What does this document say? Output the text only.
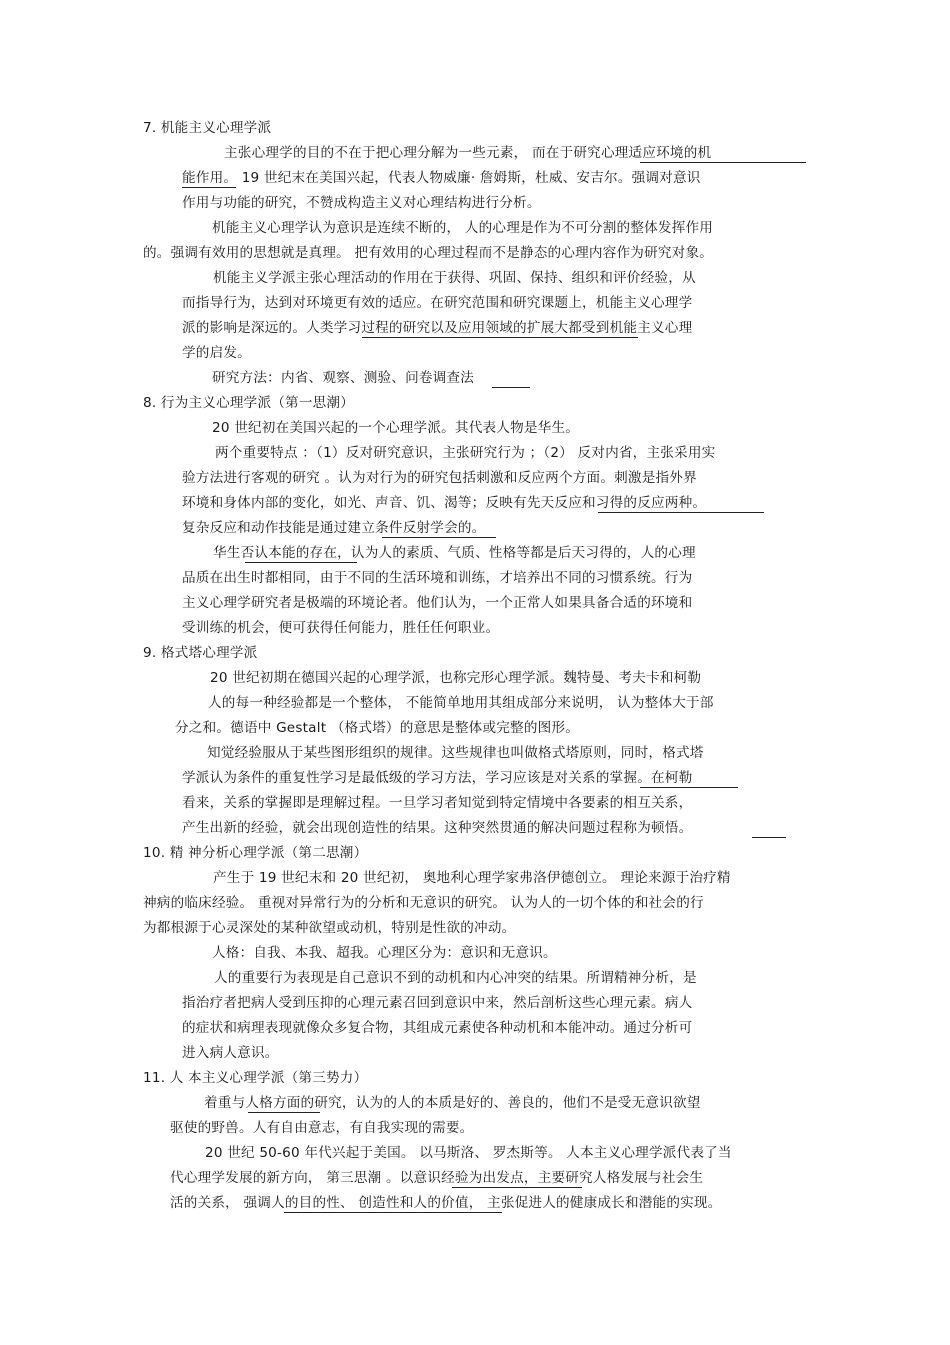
7. 机能主义心理学派
主张心理学的目的不在于把心理分解为一些元素， 而在于研究心理适应环境的机
能作用。 19 世纪末在美国兴起，代表人物威廉· 詹姆斯，杜威、安吉尔。强调对意识
作用与功能的研究，不赞成构造主义对心理结构进行分析。
机能主义心理学认为意识是连续不断的， 人的心理是作为不可分割的整体发挥作用
的。强调有效用的思想就是真理。 把有效用的心理过程而不是静态的心理内容作为研究对象。
机能主义学派主张心理活动的作用在于获得、巩固、保持、组织和评价经验，从
而指导行为，达到对环境更有效的适应。在研究范围和研究课题上，机能主义心理学
派的影响是深远的。人类学习过程的研究以及应用领域的扩展大都受到机能主义心理
学的启发。
研究方法：内省、观察、测验、问卷调查法
8. 行为主义心理学派（第一思潮）
20 世纪初在美国兴起的一个心理学派。其代表人物是华生。
两个重要特点 ：（1）反对研究意识，主张研究行为 ；（2） 反对内省，主张采用实
验方法进行客观的研究 。认为对行为的研究包括刺激和反应两个方面。刺激是指外界
环境和身体内部的变化，如光、声音、饥、渴等；反映有先天反应和习得的反应两种。
复杂反应和动作技能是通过建立条件反射学会的。
华生否认本能的存在，认为人的素质、气质、性格等都是后天习得的，人的心理
品质在出生时都相同，由于不同的生活环境和训练，才培养出不同的习惯系统。行为
主义心理学研究者是极端的环境论者。他们认为，一个正常人如果具备合适的环境和
受训练的机会，便可获得任何能力，胜任任何职业。
9. 格式塔心理学派
20 世纪初期在德国兴起的心理学派，也称完形心理学派。魏特曼、考夫卡和柯勒
人的每一种经验都是一个整体， 不能简单地用其组成部分来说明， 认为整体大于部
分之和。德语中 Gestalt （格式塔）的意思是整体或完整的图形。
知觉经验服从于某些图形组织的规律。这些规律也叫做格式塔原则，同时，格式塔
学派认为条件的重复性学习是最低级的学习方法，学习应该是对关系的掌握。在柯勒
看来，关系的掌握即是理解过程。一旦学习者知觉到特定情境中各要素的相互关系，
产生出新的经验，就会出现创造性的结果。这种突然贯通的解决问题过程称为顿悟。
10. 精 神分析心理学派（第二思潮）
产生于 19 世纪末和 20 世纪初， 奥地利心理学家弗洛伊德创立。 理论来源于治疗精
神病的临床经验。 重视对异常行为的分析和无意识的研究。 认为人的一切个体的和社会的行
为都根源于心灵深处的某种欲望或动机，特别是性欲的冲动。
人格：自我、本我、超我。心理区分为：意识和无意识。
人的重要行为表现是自己意识不到的动机和内心冲突的结果。所谓精神分析，是
指治疗者把病人受到压抑的心理元素召回到意识中来，然后剖析这些心理元素。病人
的症状和病理表现就像众多复合物，其组成元素使各种动机和本能冲动。通过分析可
进入病人意识。
11. 人 本主义心理学派（第三势力）
着重与人格方面的研究，认为的人的本质是好的、善良的，他们不是受无意识欲望
驱使的野兽。人有自由意志，有自我实现的需要。
20 世纪 50-60 年代兴起于美国。 以马斯洛、 罗杰斯等。 人本主义心理学派代表了当
代心理学发展的新方向， 第三思潮 。以意识经验为出发点，主要研究人格发展与社会生
活的关系， 强调人的目的性、 创造性和人的价值， 主张促进人的健康成长和潜能的实现。
